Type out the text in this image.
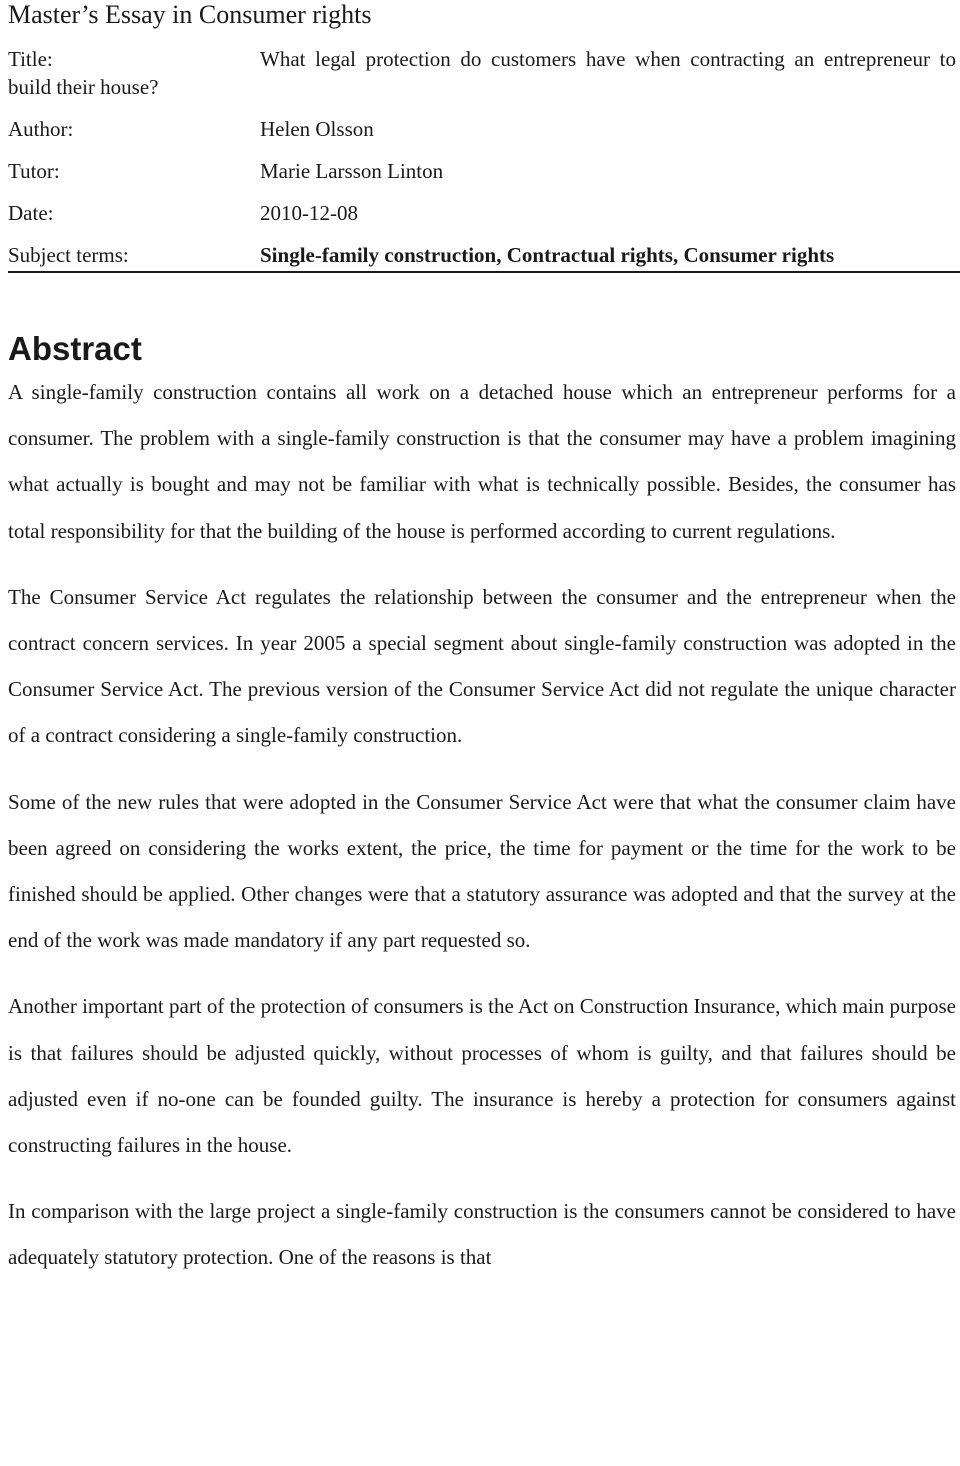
Master’s Essay in Consumer rights
Title:	What legal protection do customers have when contracting an entrepreneur to build their house?
Author:	Helen Olsson
Tutor:	Marie Larsson Linton
Date:	2010-12-08
Subject terms:	Single-family construction, Contractual rights, Consumer rights
Abstract

A single-family construction contains all work on a detached house which an entrepreneur performs for a consumer. The problem with a single-family construction is that the consumer may have a problem imagining what actually is bought and may not be familiar with what is technically possible. Besides, the consumer has total responsibility for that the building of the house is performed according to current regulations.

The Consumer Service Act regulates the relationship between the consumer and the entrepreneur when the contract concern services. In year 2005 a special segment about single-family construction was adopted in the Consumer Service Act. The previous version of the Consumer Service Act did not regulate the unique character of a contract considering a single-family construction.

Some of the new rules that were adopted in the Consumer Service Act were that what the consumer claim have been agreed on considering the works extent, the price, the time for payment or the time for the work to be finished should be applied. Other changes were that a statutory assurance was adopted and that the survey at the end of the work was made mandatory if any part requested so.

Another important part of the protection of consumers is the Act on Construction Insurance, which main purpose is that failures should be adjusted quickly, without processes of whom is guilty, and that failures should be adjusted even if no-one can be founded guilty. The insurance is hereby a protection for consumers against constructing failures in the house.

In comparison with the large project a single-family construction is the consumers cannot be considered to have adequately statutory protection. One of the reasons is that
